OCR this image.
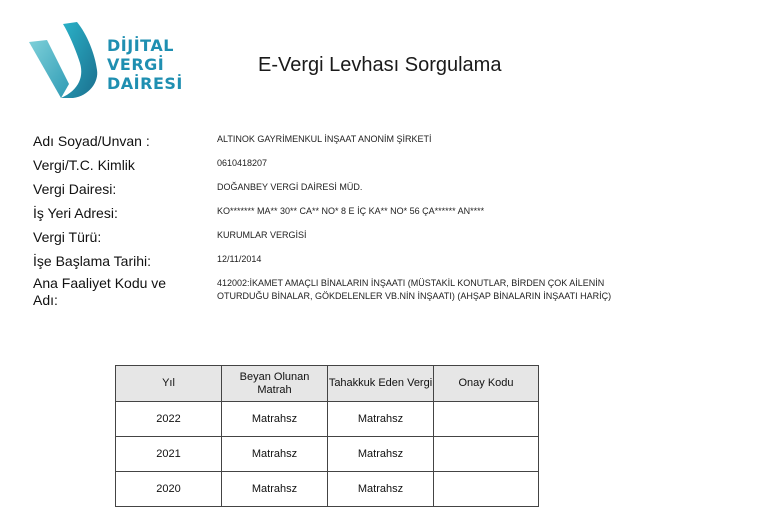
DİJİTAL
VERGİ
DAİRESİ
E-Vergi Levhası Sorgulama
Adı Soyad/Unvan :	ALTINOK GAYRİMENKUL İNŞAAT ANONİM ŞİRKETİ
Vergi/T.C. Kimlik	0610418207
Vergi Dairesi:	DOĞANBEY VERGİ DAİRESİ MÜD.
İş Yeri Adresi:	KO******* MA** 30** CA** NO* 8 E İÇ KA** NO* 56 ÇA****** AN****
Vergi Türü:	KURUMLAR VERGİSİ
İşe Başlama Tarihi:	12/11/2014
Ana Faaliyet Kodu ve Adı:
412002:İKAMET AMAÇLI BİNALARIN İNŞAATI (MÜSTAKİL KONUTLAR, BİRDEN ÇOK AİLENİN OTURDUĞU BİNALAR, GÖKDELENLER VB.NİN İNŞAATI) (AHŞAP BİNALARIN İNŞAATI HARİÇ)
Yıl	Beyan Olunan Matrah	Tahakkuk Eden Vergi	Onay Kodu
2022	Matrahsz	Matrahsz	
2021	Matrahsz	Matrahsz	
2020	Matrahsz	Matrahsz	
